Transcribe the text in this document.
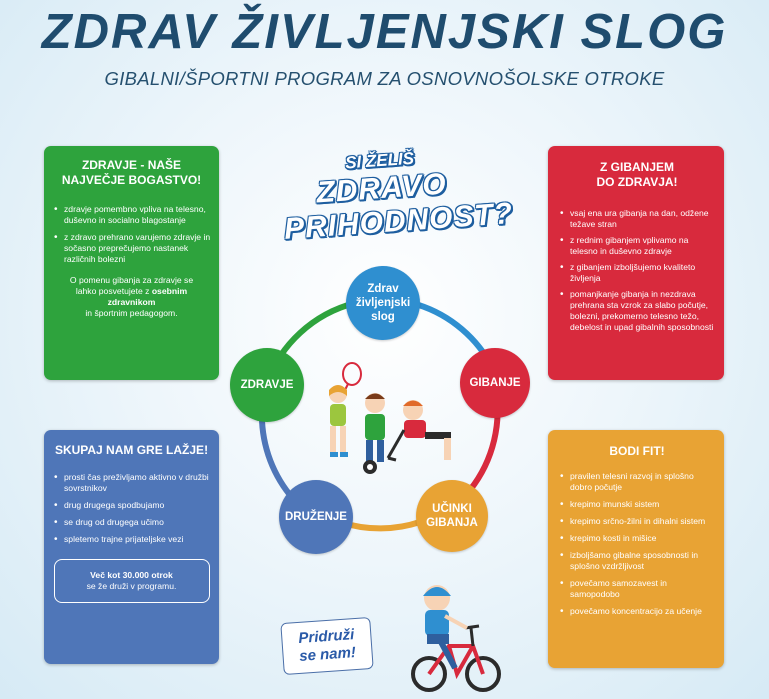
ZDRAV ŽIVLJENJSKI SLOG

GIBALNI/ŠPORTNI PROGRAM ZA OSNOVNOŠOLSKE OTROKE

ZDRAVJE - NAŠE
NAJVEČJE BOGASTVO!
• zdravje pomembno vpliva na telesno, duševno in socialno blagostanje
• z zdravo prehrano varujemo zdravje in sočasno preprečujemo nastanek različnih bolezni
O pomenu gibanja za zdravje se lahko posvetujete z osebnim zdravnikom
in športnim pedagogom.
SKUPAJ NAM GRE LAŽJE!
• prosti čas preživljamo aktivno v družbi sovrstnikov
• drug drugega spodbujamo
• se drug od drugega učimo
• spletemo trajne prijateljske vezi
Več kot 30.000 otrok
se že druži v programu.
Z GIBANJEM
DO ZDRAVJA!
• vsaj ena ura gibanja na dan, odžene težave stran
• z rednim gibanjem vplivamo na telesno in duševno zdravje
• z gibanjem izboljšujemo kvaliteto življenja
• pomanjkanje gibanja in nezdrava prehrana sta vzrok za slabo počutje, bolezni, prekomerno telesno težo, debelost in upad gibalnih sposobnosti
BODI FIT!
• pravilen telesni razvoj in splošno dobro počutje
• krepimo imunski sistem
• krepimo srčno-žilni in dihalni sistem
• krepimo kosti in mišice
• izboljšamo gibalne sposobnosti in splošno vzdržljivost
• povečamo samozavest in samopodobo
• povečamo koncentracijo za učenje
SI ŽELIŠ
ZDRAVO
PRIHODNOST?
Zdrav
življenjski
slog
GIBANJE
UČINKI
GIBANJA
DRUŽENJE
ZDRAVJE
Pridruži
se nam!
